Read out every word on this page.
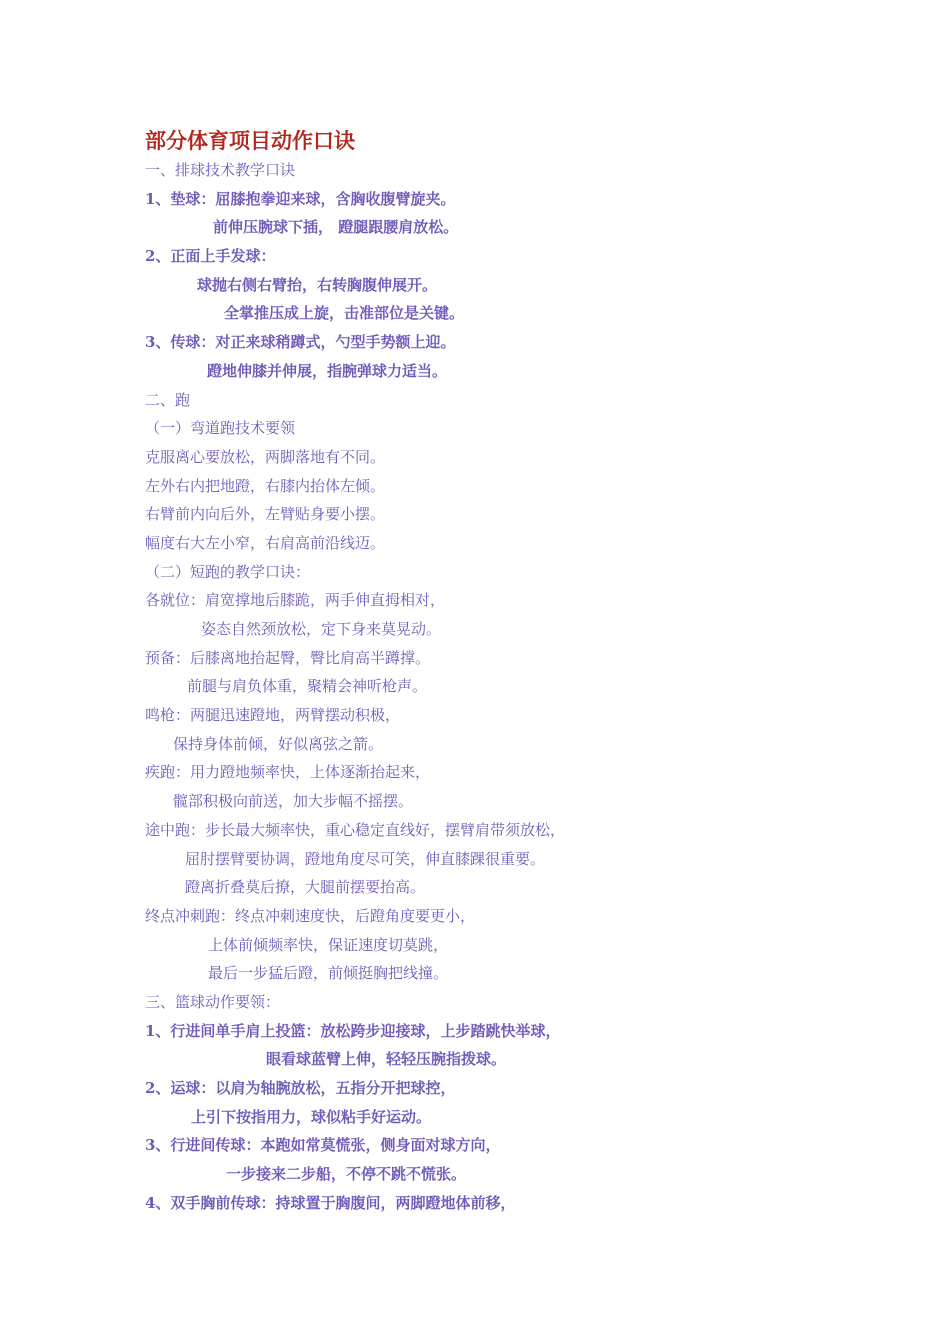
部分体育项目动作口诀
一、排球技术教学口诀
1、垫球：屈膝抱拳迎来球，含胸收腹臂旋夹。
前伸压腕球下插， 蹬腿跟腰肩放松。
2、正面上手发球：
球抛右侧右臂抬，右转胸腹伸展开。
全掌推压成上旋，击准部位是关键。
3、传球：对正来球稍蹲式，勺型手势额上迎。
蹬地伸膝并伸展，指腕弹球力适当。
二、跑
（一）弯道跑技术要领
克服离心要放松，两脚落地有不同。
左外右内把地蹬，右膝内抬体左倾。
右臂前内向后外，左臂贴身要小摆。
幅度右大左小窄，右肩高前沿线迈。
（二）短跑的教学口诀：
各就位：肩宽撑地后膝跪，两手伸直拇相对，
姿态自然颈放松，定下身来莫晃动。
预备：后膝离地抬起臀，臀比肩高半蹲撑。
前腿与肩负体重，聚精会神听枪声。
鸣枪：两腿迅速蹬地，两臂摆动积极，
保持身体前倾，好似离弦之箭。
疾跑：用力蹬地频率快，上体逐渐抬起来，
髋部积极向前送，加大步幅不摇摆。
途中跑：步长最大频率快，重心稳定直线好，摆臂肩带须放松，
屈肘摆臂要协调，蹬地角度尽可笑，伸直膝踝很重要。
蹬离折叠莫后撩，大腿前摆要抬高。
终点冲刺跑：终点冲刺速度快，后蹬角度要更小，
上体前倾频率快，保证速度切莫跳，
最后一步猛后蹬，前倾挺胸把线撞。
三、篮球动作要领：
1、行进间单手肩上投篮：放松跨步迎接球，上步踏跳快举球，
眼看球蓝臂上伸，轻轻压腕指拨球。
2、运球：以肩为轴腕放松，五指分开把球控，
上引下按指用力，球似粘手好运动。
3、行进间传球：本跑如常莫慌张，侧身面对球方向，
一步接来二步船，不停不跳不慌张。
4、双手胸前传球：持球置于胸腹间，两脚蹬地体前移，
